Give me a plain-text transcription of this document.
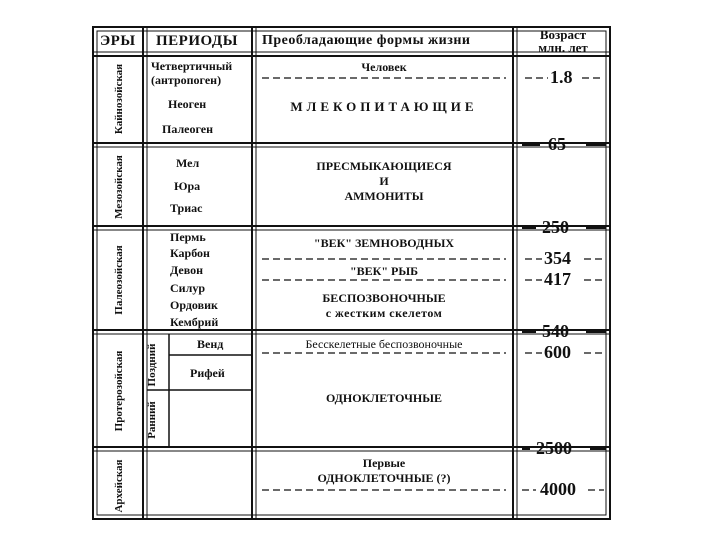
ЭРЫ ПЕРИОДЫ Преобладающие формы жизни	Возраст
млн. лет
Кайнозойская
Мезозойская
Палеозойская
Протерозойская
Архейская
Поздний
Ранний
Четвертичный
(антропоген)
Неоген
Палеоген
Мел
Юра
Триас
Пермь
Карбон
Девон
Силур
Ордовик
Кембрий
Венд
Рифей
Человек
МЛЕКОПИТАЮЩИЕ
ПРЕСМЫКАЮЩИЕСЯ
И
АММОНИТЫ
"ВЕК" ЗЕМНОВОДНЫХ
"ВЕК" РЫБ
БЕСПОЗВОНОЧНЫЕ
с жестким скелетом
Бесскелетные беспозвоночные
ОДНОКЛЕТОЧНЫЕ
Первые
ОДНОКЛЕТОЧНЫЕ (?)
1.8
65
250
354
417
540
600
2500
4000
